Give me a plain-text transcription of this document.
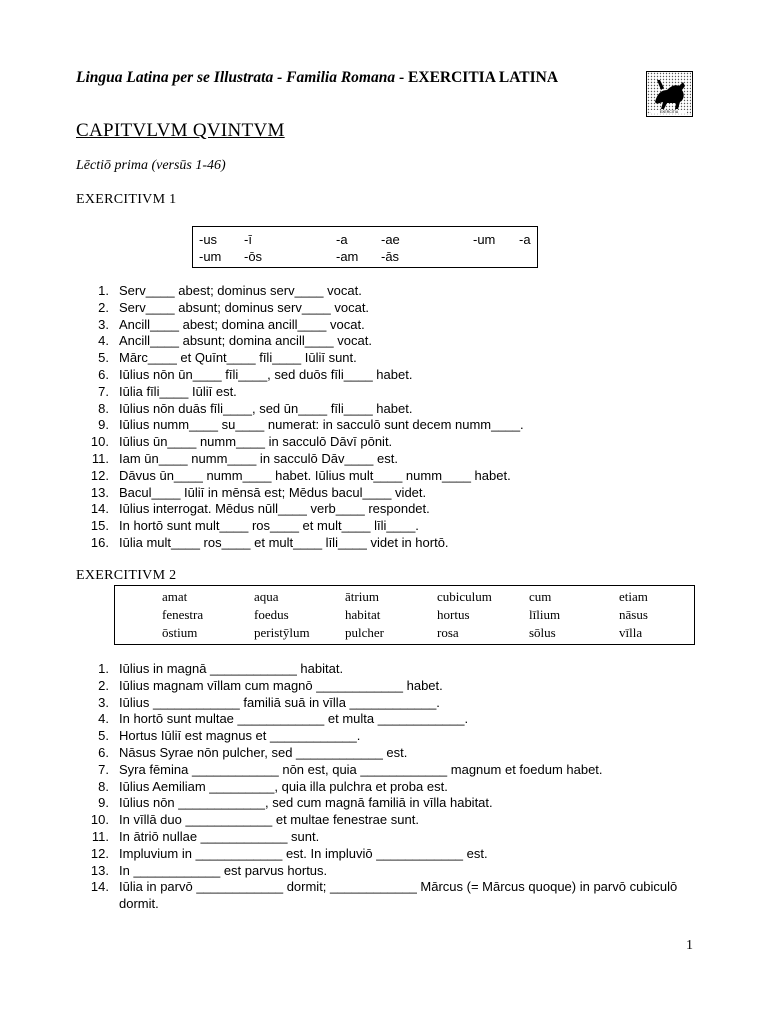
Lingua Latina per se Illustrata - Familia Romana - EXERCITIA LATINA
EXERCITIA
CAPITVLVM QVINTVM
Lēctiō prima (versūs 1-46)
EXERCITIVM 1
-us -ī	-a	-ae	-um -a
-um -ōs	-am -ās
1. Serv____ abest; dominus serv____ vocat.
2. Serv____ absunt; dominus serv____ vocat.
3. Ancill____ abest; domina ancill____ vocat.
4. Ancill____ absunt; domina ancill____ vocat.
5. Mārc____ et Quīnt____ fīli____ Iūliī sunt.
6. Iūlius nōn ūn____ fīli____, sed duōs fīli____ habet.
7. Iūlia fīli____ Iūliī est.
8. Iūlius nōn duās fīli____, sed ūn____ fīli____ habet.
9. Iūlius numm____ su____ numerat: in sacculō sunt decem numm____.
10. Iūlius ūn____ numm____ in sacculō Dāvī pōnit.
11. Iam ūn____ numm____ in sacculō Dāv____ est.
12. Dāvus ūn____ numm____ habet. Iūlius mult____ numm____ habet.
13. Bacul____ Iūliī in mēnsā est; Mēdus bacul____ videt.
14. Iūlius interrogat. Mēdus nūll____ verb____ respondet.
15. In hortō sunt mult____ ros____ et mult____ līli____.
16. Iūlia mult____ ros____ et mult____ līli____ videt in hortō.
EXERCITIVM 2
amat	aqua	ātrium	cubiculum	cum	etiam
fenestra	foedus	habitat	hortus	līlium	nāsus
ōstium	peristȳlum	pulcher	rosa	sōlus	vīlla
1. Iūlius in magnā ____________ habitat.
2. Iūlius magnam vīllam cum magnō ____________ habet.
3. Iūlius ____________ familiā suā in vīlla ____________.
4. In hortō sunt multae ____________ et multa ____________.
5. Hortus Iūliī est magnus et ____________.
6. Nāsus Syrae nōn pulcher, sed ____________ est.
7. Syra fēmina ____________ nōn est, quia ____________ magnum et foedum habet.
8. Iūlius Aemiliam _________, quia illa pulchra et proba est.
9. Iūlius nōn ____________, sed cum magnā familiā in vīlla habitat.
10. In vīllā duo ____________ et multae fenestrae sunt.
11. In ātriō nullae ____________ sunt.
12. Impluvium in ____________ est. In impluviō ____________ est.
13. In ____________ est parvus hortus.
14. Iūlia in parvō ____________ dormit; ____________ Mārcus (= Mārcus quoque) in parvō cubiculō dormit.
1
